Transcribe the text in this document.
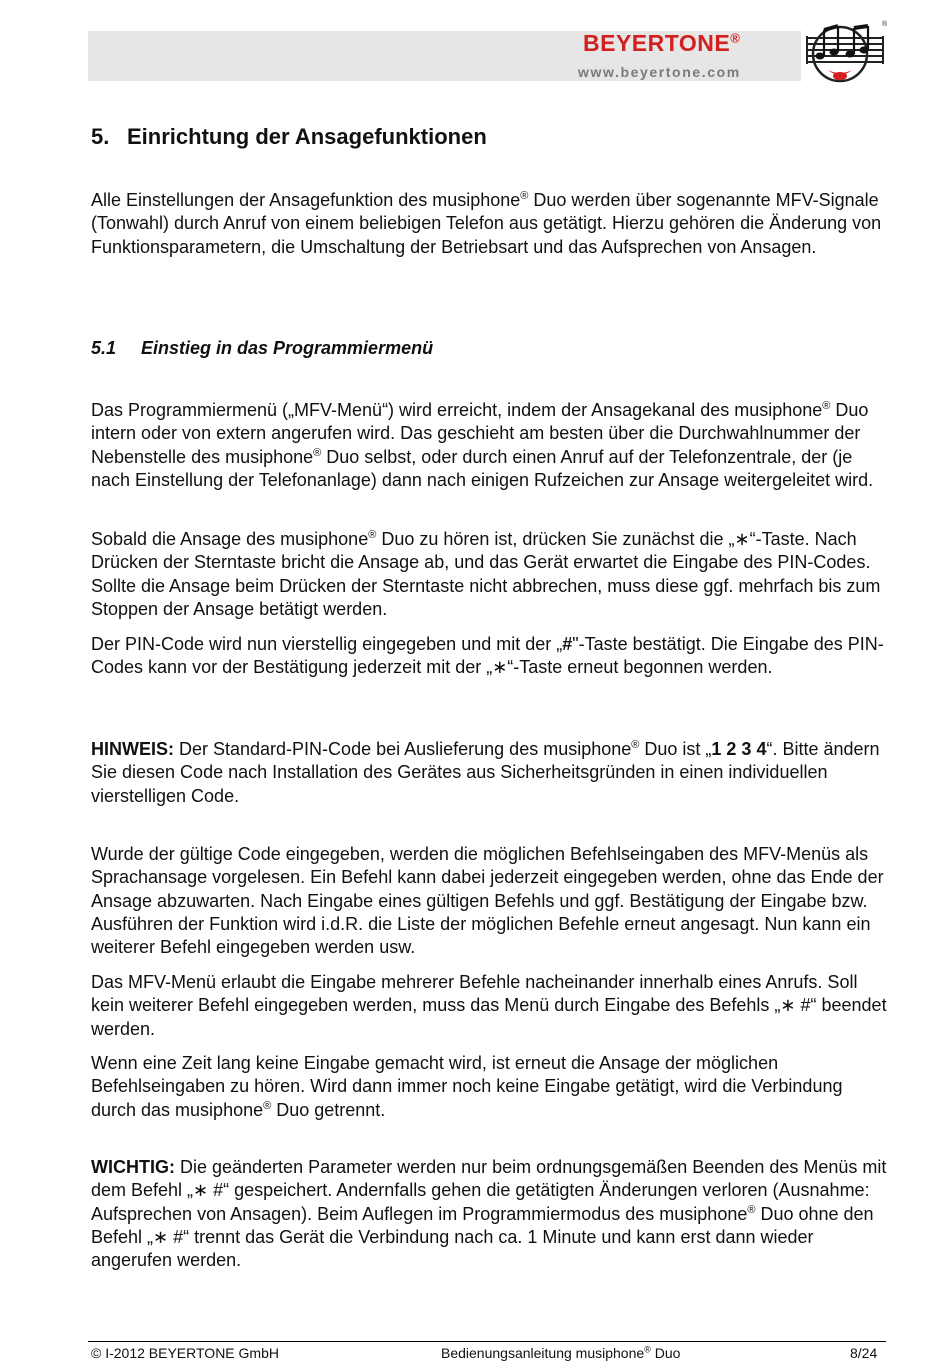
BEYERTONE®
www.beyertone.com
®
5. Einrichtung der Ansagefunktionen

Alle Einstellungen der Ansagefunktion des musiphone® Duo werden über sogenannte MFV-Signale (Tonwahl) durch Anruf von einem beliebigen Telefon aus getätigt. Hierzu gehören die Änderung von Funktionsparametern, die Umschaltung der Betriebsart und das Aufsprechen von Ansagen.

5.1 Einstieg in das Programmiermenü

Das Programmiermenü („MFV-Menü“) wird erreicht, indem der Ansagekanal des musiphone® Duo intern oder von extern angerufen wird. Das geschieht am besten über die Durchwahlnummer der Nebenstelle des musiphone® Duo selbst, oder durch einen Anruf auf der Telefonzentrale, der (je nach Einstellung der Telefonanlage) dann nach einigen Rufzeichen zur Ansage weitergeleitet wird.

Sobald die Ansage des musiphone® Duo zu hören ist, drücken Sie zunächst die „∗“-Taste. Nach Drücken der Sterntaste bricht die Ansage ab, und das Gerät erwartet die Eingabe des PIN-Codes. Sollte die Ansage beim Drücken der Sterntaste nicht abbrechen, muss diese ggf. mehrfach bis zum Stoppen der Ansage betätigt werden.

Der PIN-Code wird nun vierstellig eingegeben und mit der „#"-Taste bestätigt. Die Eingabe des PIN-Codes kann vor der Bestätigung jederzeit mit der „∗“-Taste erneut begonnen werden.

HINWEIS: Der Standard-PIN-Code bei Auslieferung des musiphone® Duo ist „1 2 3 4“. Bitte ändern Sie diesen Code nach Installation des Gerätes aus Sicherheitsgründen in einen individuellen vierstelligen Code.

Wurde der gültige Code eingegeben, werden die möglichen Befehlseingaben des MFV-Menüs als Sprachansage vorgelesen. Ein Befehl kann dabei jederzeit eingegeben werden, ohne das Ende der Ansage abzuwarten. Nach Eingabe eines gültigen Befehls und ggf. Bestätigung der Eingabe bzw. Ausführen der Funktion wird i.d.R. die Liste der möglichen Befehle erneut angesagt. Nun kann ein weiterer Befehl eingegeben werden usw.

Das MFV-Menü erlaubt die Eingabe mehrerer Befehle nacheinander innerhalb eines Anrufs. Soll kein weiterer Befehl eingegeben werden, muss das Menü durch Eingabe des Befehls „∗ #“ beendet werden.

Wenn eine Zeit lang keine Eingabe gemacht wird, ist erneut die Ansage der möglichen Befehlseingaben zu hören. Wird dann immer noch keine Eingabe getätigt, wird die Verbindung durch das musiphone® Duo getrennt.

WICHTIG: Die geänderten Parameter werden nur beim ordnungsgemäßen Beenden des Menüs mit dem Befehl „∗ #“ gespeichert. Andernfalls gehen die getätigten Änderungen verloren (Ausnahme: Aufsprechen von Ansagen). Beim Auflegen im Programmiermodus des musiphone® Duo ohne den Befehl „∗ #“ trennt das Gerät die Verbindung nach ca. 1 Minute und kann erst dann wieder angerufen werden.

© I-2012 BEYERTONE GmbH	Bedienungsanleitung musiphone® Duo	8/24
